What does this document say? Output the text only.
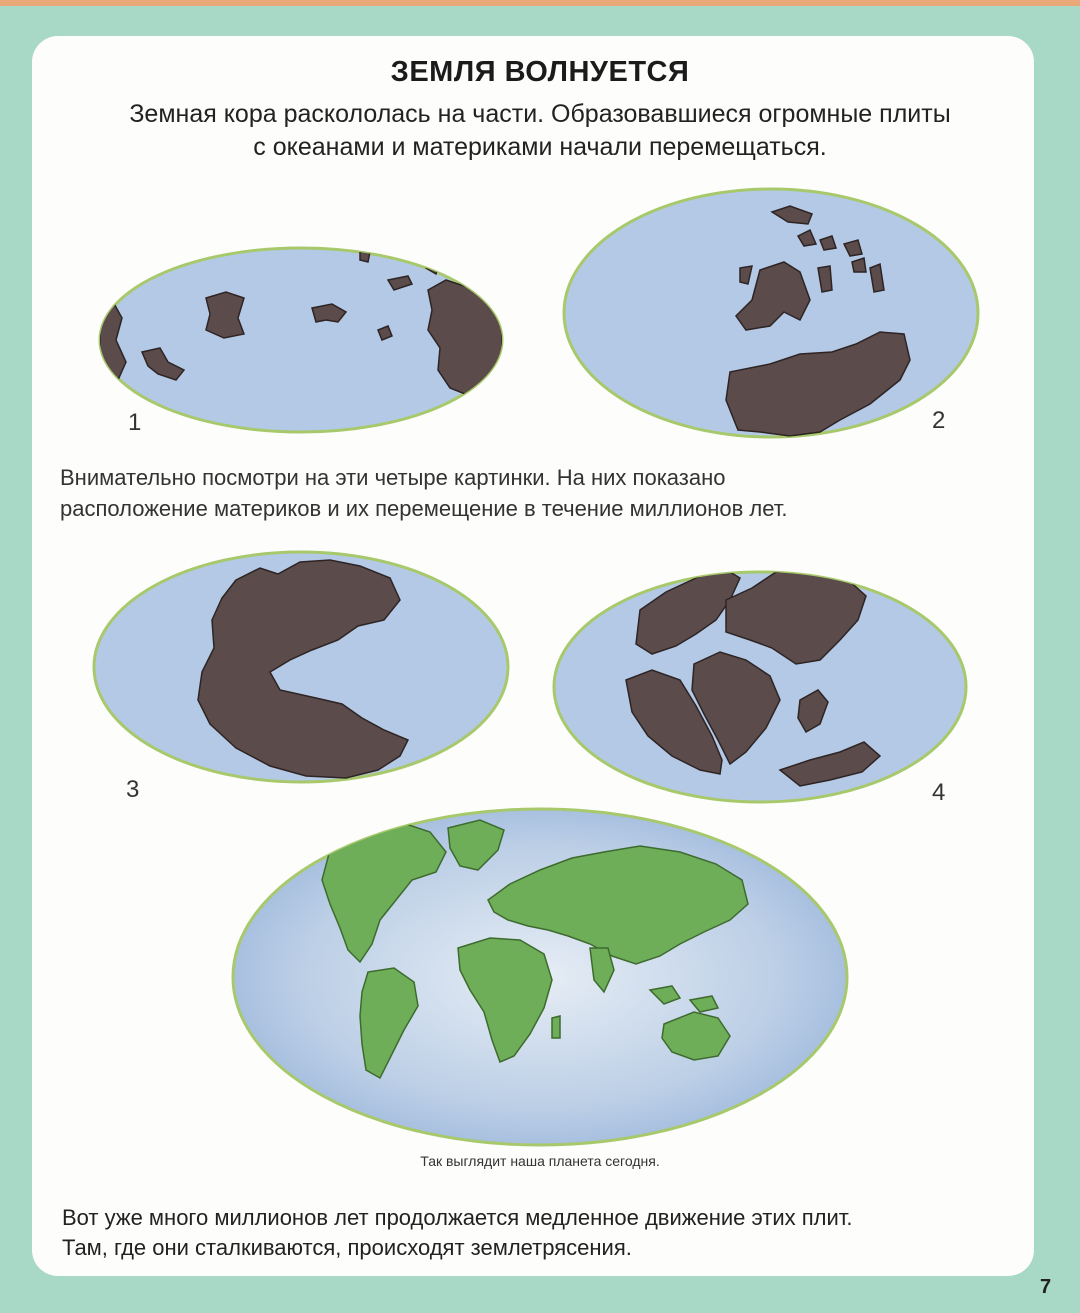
ЗЕМЛЯ ВОЛНУЕТСЯ
Земная кора раскололась на части. Образовавшиеся огромные плиты
с океанами и материками начали перемещаться.
1	2
3	4
Внимательно посмотри на эти четыре картинки. На них показано
расположение материков и их перемещение в течение миллионов лет.
Так выглядит наша планета сегодня.
Вот уже много миллионов лет продолжается медленное движение этих плит.
Там, где они сталкиваются, происходят землетрясения.
7
